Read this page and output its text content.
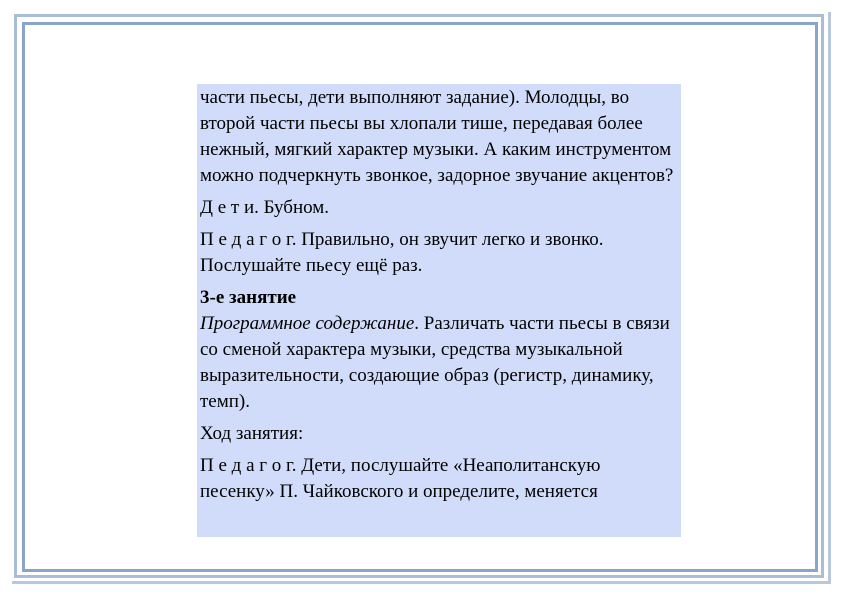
части пьесы, дети выполняют задание). Молодцы, во второй части пьесы вы хлопали тише, передавая более нежный, мягкий характер музыки. А каким инструментом можно подчеркнуть звонкое, задорное звучание акцентов?

Д е т и. Бубном.

П е д а г о г. Правильно, он звучит легко и звонко. Послушайте пьесу ещё раз.

3-е занятие

Программное содержание. Различать части пьесы в связи со сменой характера музыки, средства музыкальной выразительности, создающие образ (регистр, динамику, темп).

Ход занятия:

П е д а г о г. Дети, послушайте «Неаполитанскую песенку» П. Чайковского и определите, меняется
